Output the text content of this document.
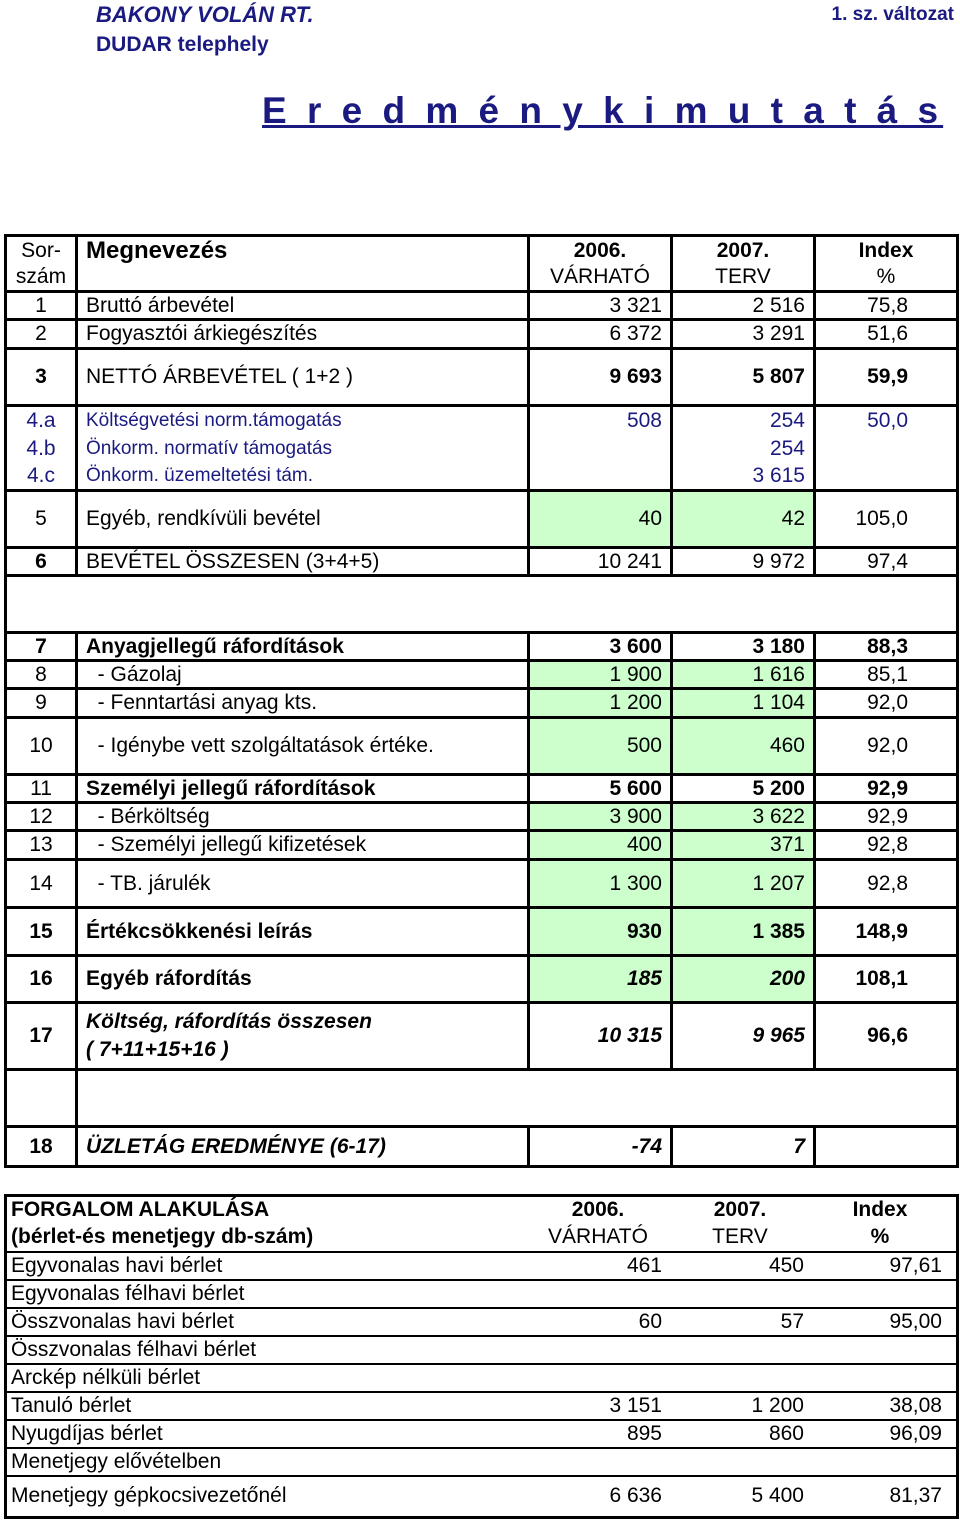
BAKONY VOLÁN RT.
DUDAR telephely
1. sz. változat
E r e d m é n y k i m u t a t á s
Sor-	Megnevezés	2006.	2007.	Index
szám		VÁRHATÓ	TERV	%
1	Bruttó árbevétel	3 321	2 516	75,8
2	Fogyasztói árkiegészítés	6 372	3 291	51,6
3	NETTÓ ÁRBEVÉTEL ( 1+2 )	9 693	5 807	59,9
4.a	Költségvetési norm.támogatás	508	254	50,0
4.b	Önkorm. normatív támogatás		254	
4.c	Önkorm. üzemeltetési tám.		3 615	
5	Egyéb, rendkívüli bevétel	40	42	105,0
6	BEVÉTEL ÖSSZESEN (3+4+5)	10 241	9 972	97,4

7	Anyagjellegű ráfordítások	3 600	3 180	88,3
8	- Gázolaj	1 900	1 616	85,1
9	- Fenntartási anyag kts.	1 200	1 104	92,0
10	- Igénybe vett szolgáltatások értéke.	500	460	92,0
11	Személyi jellegű ráfordítások	5 600	5 200	92,9
12	- Bérköltség	3 900	3 622	92,9
13	- Személyi jellegű kifizetések	400	371	92,8
14	- TB. járulék	1 300	1 207	92,8
15	Értékcsökkenési leírás	930	1 385	148,9
16	Egyéb ráfordítás	185	200	108,1
17	Költség, ráfordítás összesen
( 7+11+15+16 )	10 315	9 965	96,6

18	ÜZLETÁG EREDMÉNYE (6-17)	-74	7	
FORGALOM ALAKULÁSA	2006.	2007.	Index
(bérlet-és menetjegy db-szám)	VÁRHATÓ	TERV	%
Egyvonalas havi bérlet	461	450	97,61
Egyvonalas félhavi bérlet			
Összvonalas havi bérlet	60	57	95,00
Összvonalas félhavi bérlet			
Arckép nélküli bérlet			
Tanuló bérlet	3 151	1 200	38,08
Nyugdíjas bérlet	895	860	96,09
Menetjegy elővételben			
Menetjegy gépkocsivezetőnél	6 636	5 400	81,37
